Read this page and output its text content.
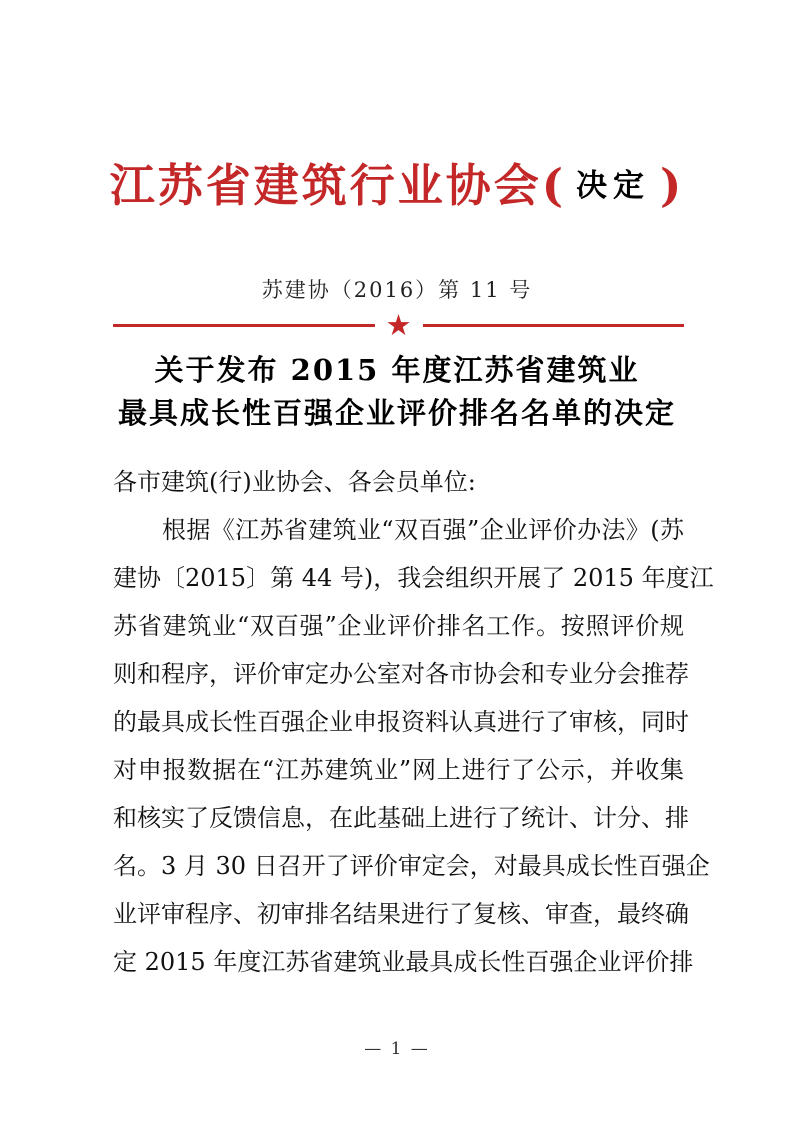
江苏省建筑行业协会( 决定 )
苏建协（2016）第 11 号
★
关于发布 2015 年度江苏省建筑业
最具成长性百强企业评价排名名单的决定
各市建筑(行)业协会、各会员单位:
根据《江苏省建筑业“双百强”企业评价办法》(苏
建协〔2015〕第 44 号)，我会组织开展了 2015 年度江
苏省建筑业“双百强”企业评价排名工作。按照评价规
则和程序，评价审定办公室对各市协会和专业分会推荐
的最具成长性百强企业申报资料认真进行了审核，同时
对申报数据在“江苏建筑业”网上进行了公示，并收集
和核实了反馈信息，在此基础上进行了统计、计分、排
名。3 月 30 日召开了评价审定会，对最具成长性百强企
业评审程序、初审排名结果进行了复核、审查，最终确
定 2015 年度江苏省建筑业最具成长性百强企业评价排
— 1 —
